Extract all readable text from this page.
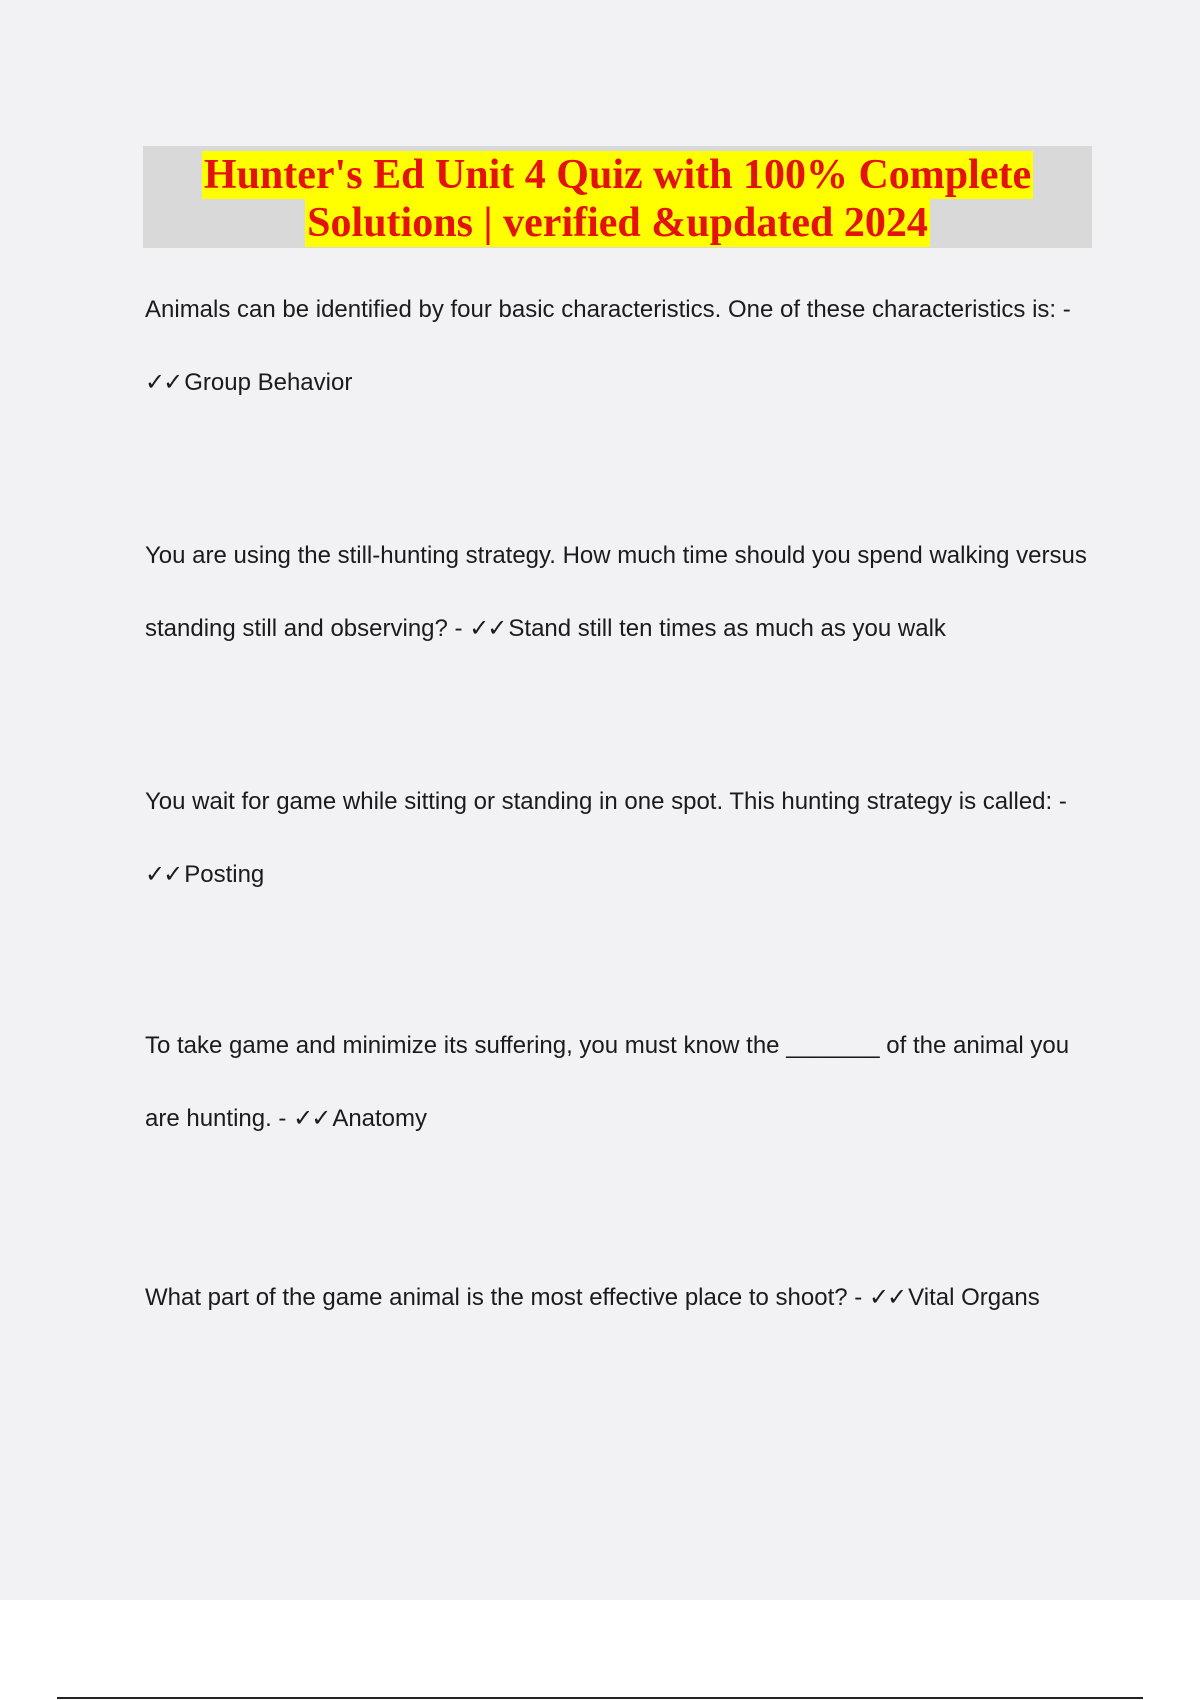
Hunter's Ed Unit 4 Quiz with 100% Complete
Solutions | verified &updated 2024

Animals can be identified by four basic characteristics. One of these characteristics is: - ✓✓ Group Behavior

You are using the still-hunting strategy. How much time should you spend walking versus standing still and observing? - ✓✓ Stand still ten times as much as you walk

You wait for game while sitting or standing in one spot. This hunting strategy is called: - ✓✓ Posting

To take game and minimize its suffering, you must know the _______ of the animal you are hunting. - ✓✓ Anatomy

What part of the game animal is the most effective place to shoot? - ✓✓ Vital Organs
